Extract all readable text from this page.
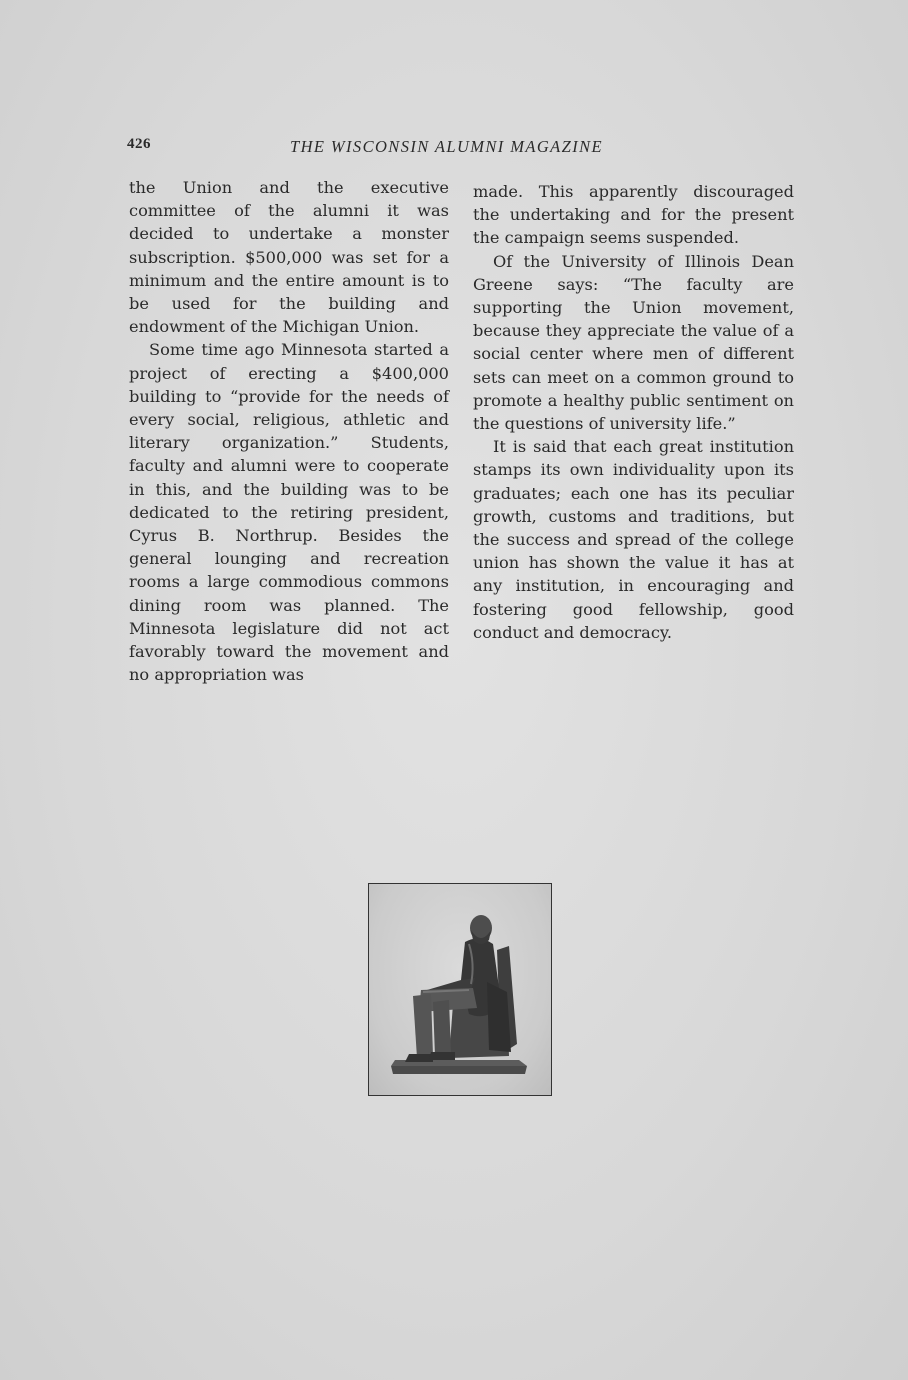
426	THE WISCONSIN ALUMNI MAGAZINE

the Union and the executive committee of the alumni it was decided to undertake a monster subscription. $500,000 was set for a minimum and the entire amount is to be used for the building and endowment of the Michigan Union.

Some time ago Minnesota started a project of erecting a $400,000 building to “provide for the needs of every social, religious, athletic and literary organization.” Students, faculty and alumni were to cooperate in this, and the building was to be dedicated to the retiring president, Cyrus B. Northrup. Besides the general lounging and recreation rooms a large commodious commons dining room was planned. The Minnesota legislature did not act favorably toward the movement and no appropriation was

made. This apparently discouraged the undertaking and for the present the campaign seems suspended.

Of the University of Illinois Dean Greene says: “The faculty are supporting the Union movement, because they appreciate the value of a social center where men of different sets can meet on a common ground to promote a healthy public sentiment on the questions of university life.”

It is said that each great institution stamps its own individuality upon its graduates; each one has its peculiar growth, customs and traditions, but the success and spread of the college union has shown the value it has at any institution, in encouraging and fostering good fellowship, good conduct and democracy.
